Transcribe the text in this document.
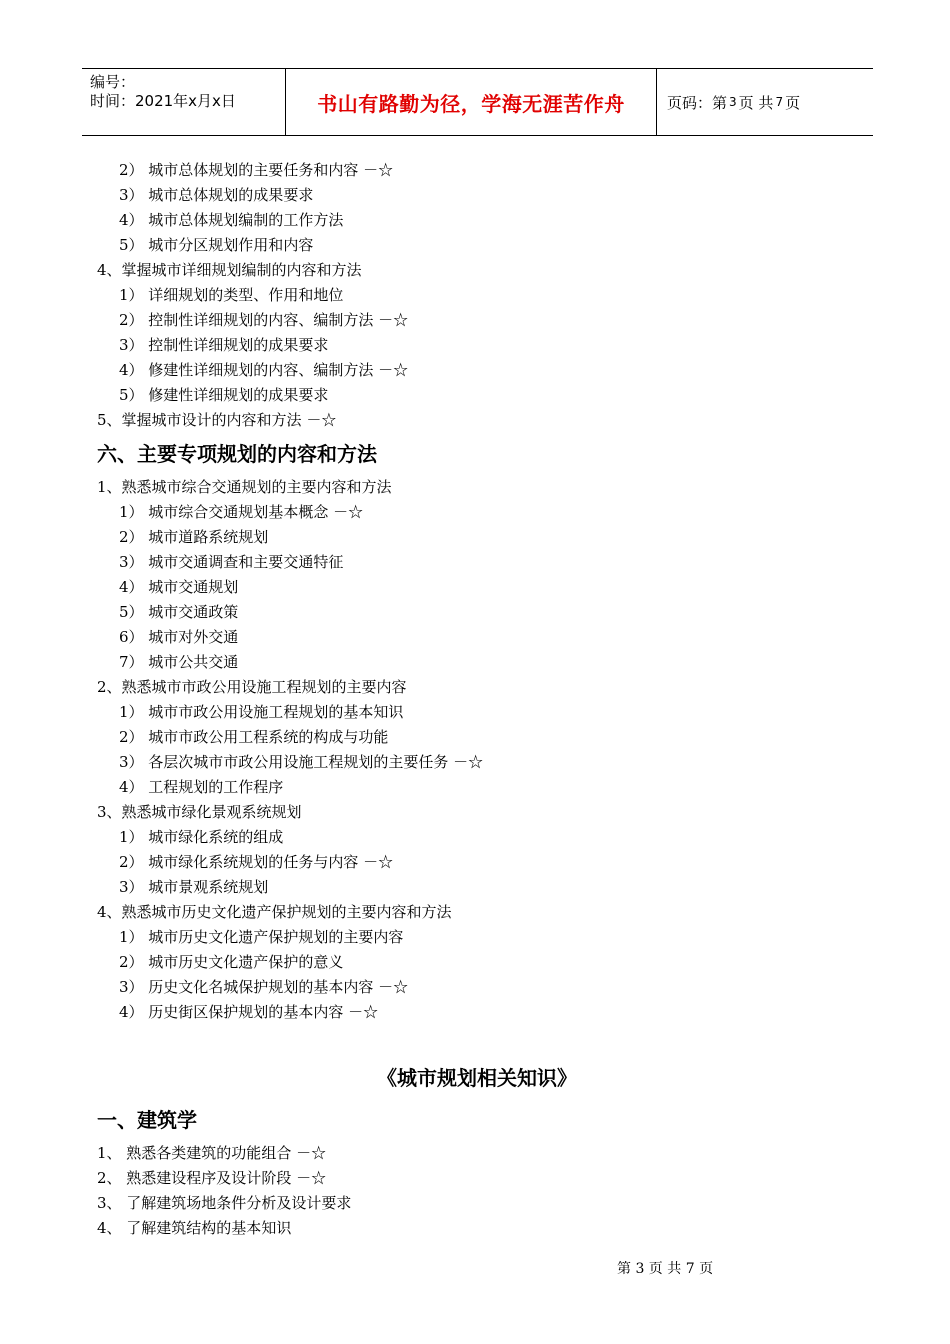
编号：
时间：2021年x月x日	书山有路勤为径，学海无涯苦作舟	页码：第 3 页 共 7 页
2） 城市总体规划的主要任务和内容 －☆
3） 城市总体规划的成果要求
4） 城市总体规划编制的工作方法
5） 城市分区规划作用和内容
4、掌握城市详细规划编制的内容和方法
1） 详细规划的类型、作用和地位
2） 控制性详细规划的内容、编制方法 －☆
3） 控制性详细规划的成果要求
4） 修建性详细规划的内容、编制方法 －☆
5） 修建性详细规划的成果要求
5、掌握城市设计的内容和方法 －☆
六、主要专项规划的内容和方法
1、熟悉城市综合交通规划的主要内容和方法
1） 城市综合交通规划基本概念 －☆
2） 城市道路系统规划
3） 城市交通调查和主要交通特征
4） 城市交通规划
5） 城市交通政策
6） 城市对外交通
7） 城市公共交通
2、熟悉城市市政公用设施工程规划的主要内容
1） 城市市政公用设施工程规划的基本知识
2） 城市市政公用工程系统的构成与功能
3） 各层次城市市政公用设施工程规划的主要任务 －☆
4） 工程规划的工作程序
3、熟悉城市绿化景观系统规划
1） 城市绿化系统的组成
2） 城市绿化系统规划的任务与内容 －☆
3） 城市景观系统规划
4、熟悉城市历史文化遗产保护规划的主要内容和方法
1） 城市历史文化遗产保护规划的主要内容
2） 城市历史文化遗产保护的意义
3） 历史文化名城保护规划的基本内容 －☆
4） 历史街区保护规划的基本内容 －☆
《城市规划相关知识》
一、建筑学
1、 熟悉各类建筑的功能组合 －☆
2、 熟悉建设程序及设计阶段 －☆
3、 了解建筑场地条件分析及设计要求
4、 了解建筑结构的基本知识
第 3 页 共 7 页
